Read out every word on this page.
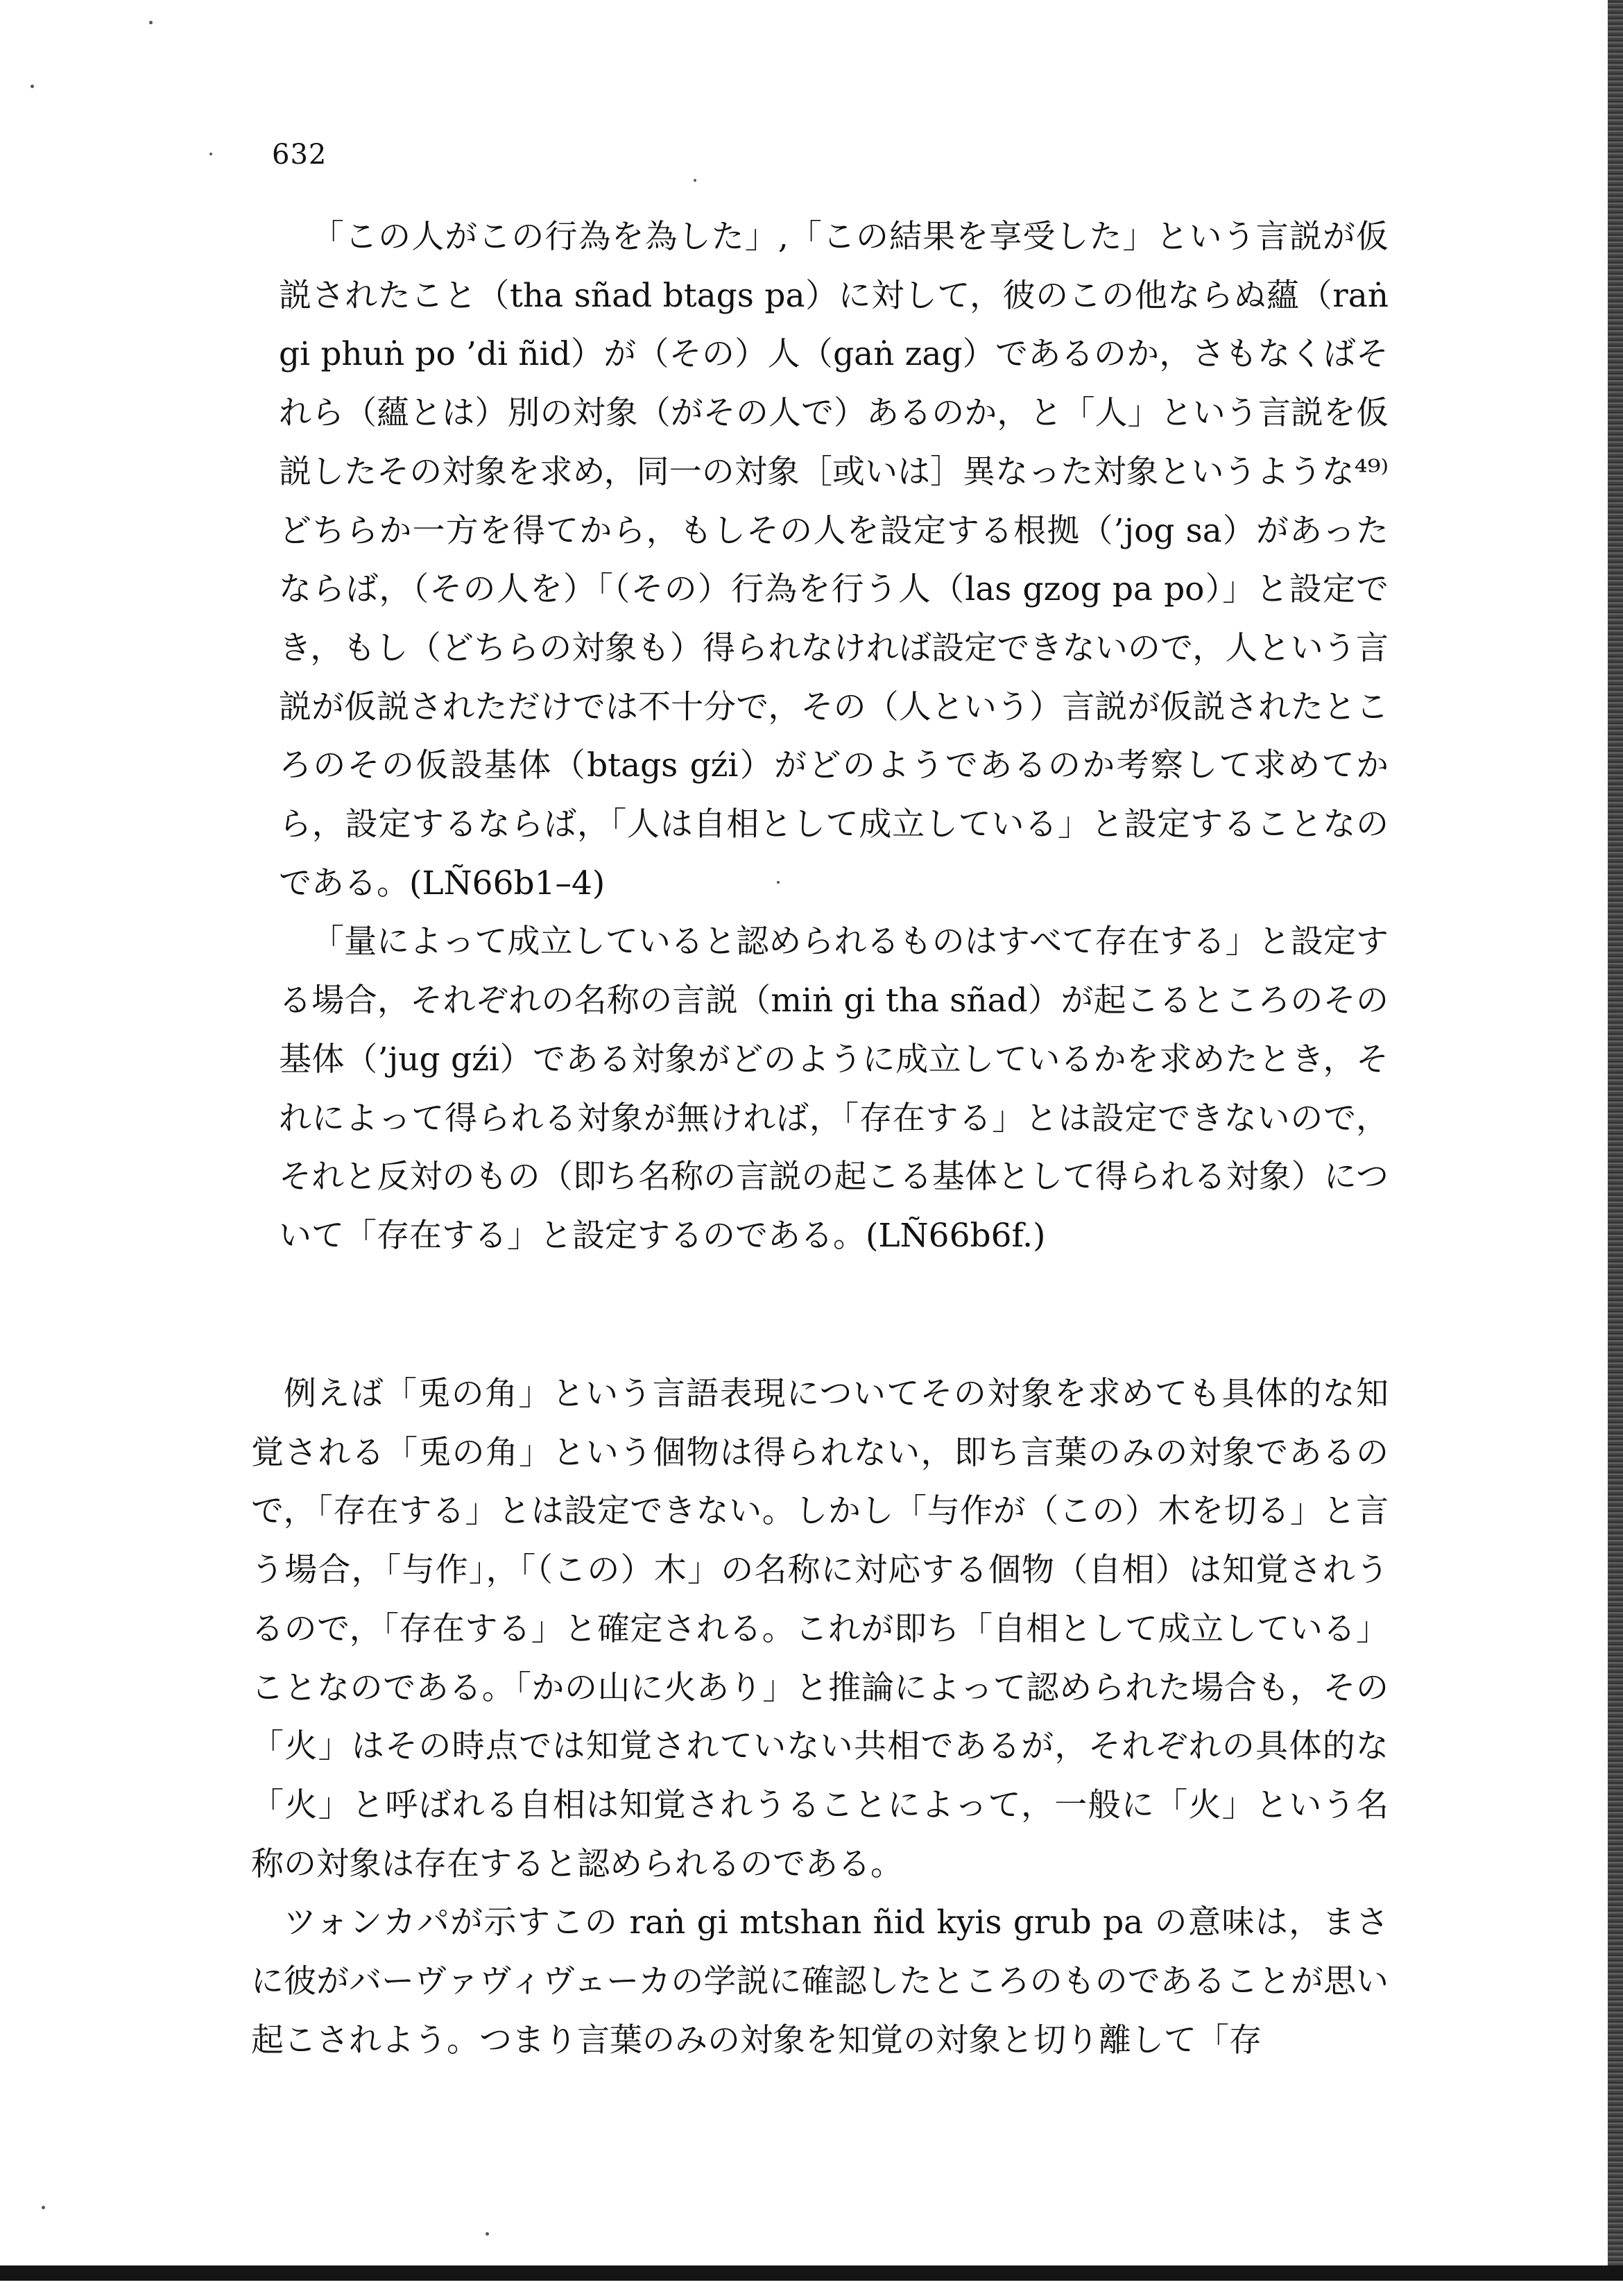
632

「この人がこの行為を為した」,「この結果を享受した」という言説が仮説されたこと（tha sñad btags pa）に対して，彼のこの他ならぬ蘊（raṅ gi phuṅ po ’di ñid）が（その）人（gaṅ zag）であるのか，さもなくばそれら（蘊とは）別の対象（がその人で）あるのか，と「人」という言説を仮説したその対象を求め，同一の対象［或いは］異なった対象というような⁴⁹⁾どちらか一方を得てから，もしその人を設定する根拠（’jog sa）があったならば，（その人を）「（その）行為を行う人（las gzog pa po）」と設定でき，もし（どちらの対象も）得られなければ設定できないので，人という言説が仮説されただけでは不十分で，その（人という）言説が仮説されたところのその仮設基体（btags gźi）がどのようであるのか考察して求めてから，設定するならば，「人は自相として成立している」と設定することなのである。(LÑ66b1–4)

「量によって成立していると認められるものはすべて存在する」と設定する場合，それぞれの名称の言説（miṅ gi tha sñad）が起こるところのその基体（’jug gźi）である対象がどのように成立しているかを求めたとき，それによって得られる対象が無ければ，「存在する」とは設定できないので，それと反対のもの（即ち名称の言説の起こる基体として得られる対象）について「存在する」と設定するのである。(LÑ66b6f.)

例えば「兎の角」という言語表現についてその対象を求めても具体的な知覚される「兎の角」という個物は得られない，即ち言葉のみの対象であるので，「存在する」とは設定できない。しかし「与作が（この）木を切る」と言う場合，「与作」，「（この）木」の名称に対応する個物（自相）は知覚されうるので，「存在する」と確定される。これが即ち「自相として成立している」ことなのである。「かの山に火あり」と推論によって認められた場合も，その「火」はその時点では知覚されていない共相であるが，それぞれの具体的な「火」と呼ばれる自相は知覚されうることによって，一般に「火」という名称の対象は存在すると認められるのである。

ツォンカパが示すこの raṅ gi mtshan ñid kyis grub pa の意味は，まさに彼がバーヴァヴィヴェーカの学説に確認したところのものであることが思い起こされよう。つまり言葉のみの対象を知覚の対象と切り離して「存
